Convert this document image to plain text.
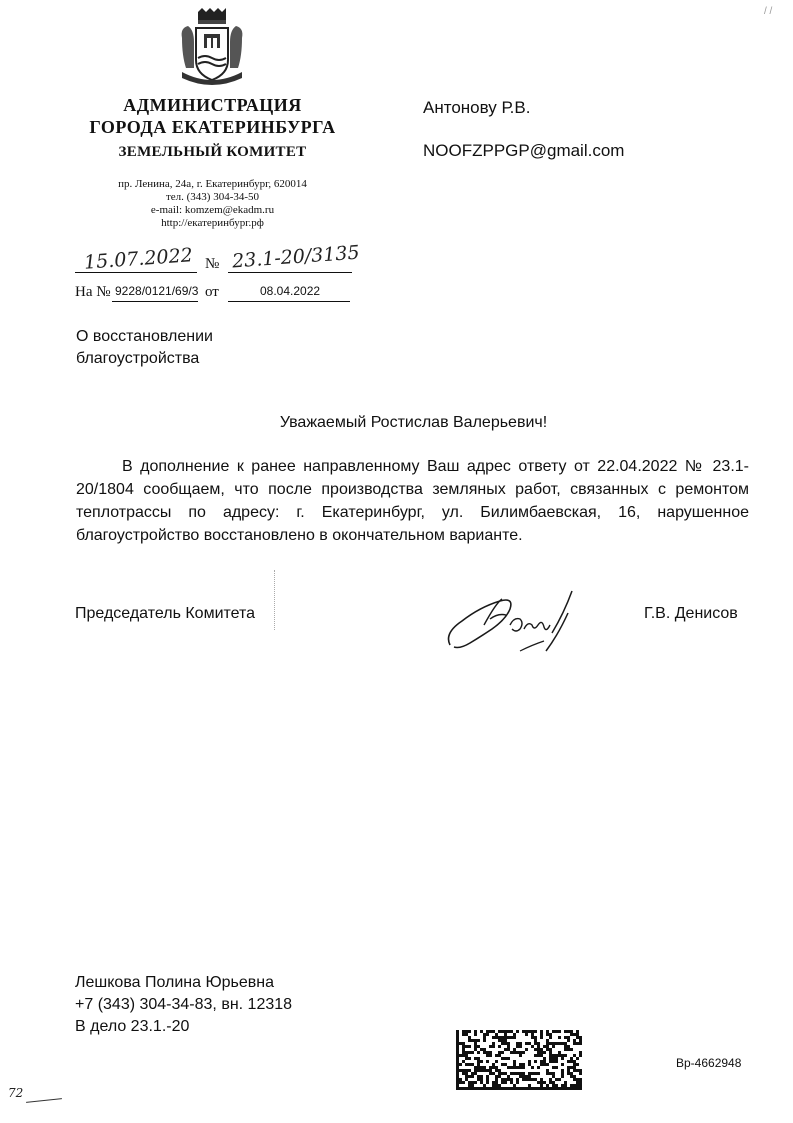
/ /
АДМИНИСТРАЦИЯ
ГОРОДА ЕКАТЕРИНБУРГА
ЗЕМЕЛЬНЫЙ КОМИТЕТ
пр. Ленина, 24а, г. Екатеринбург, 620014
тел. (343) 304-34-50
e-mail: komzem@ekadm.ru
http://екатеринбург.рф
Антонову Р.В.
NOOFZPPGP@gmail.com
15.07.2022 № 23.1-20/3135
На № 9228/0121/69/3 от	08.04.2022
О восстановлении
благоустройства
Уважаемый Ростислав Валерьевич!
В дополнение к ранее направленному Ваш адрес ответу от 22.04.2022 № 23.1-20/1804 сообщаем, что после производства земляных работ, связанных с ремонтом теплотрассы по адресу: г. Екатеринбург, ул. Билимбаевская, 16, нарушенное благоустройство восстановлено в окончательном варианте.
Председатель Комитета	Г.В. Денисов
Лешкова Полина Юрьевна
+7 (343) 304-34-83, вн. 12318
В дело 23.1.-20
Вр-4662948
72
